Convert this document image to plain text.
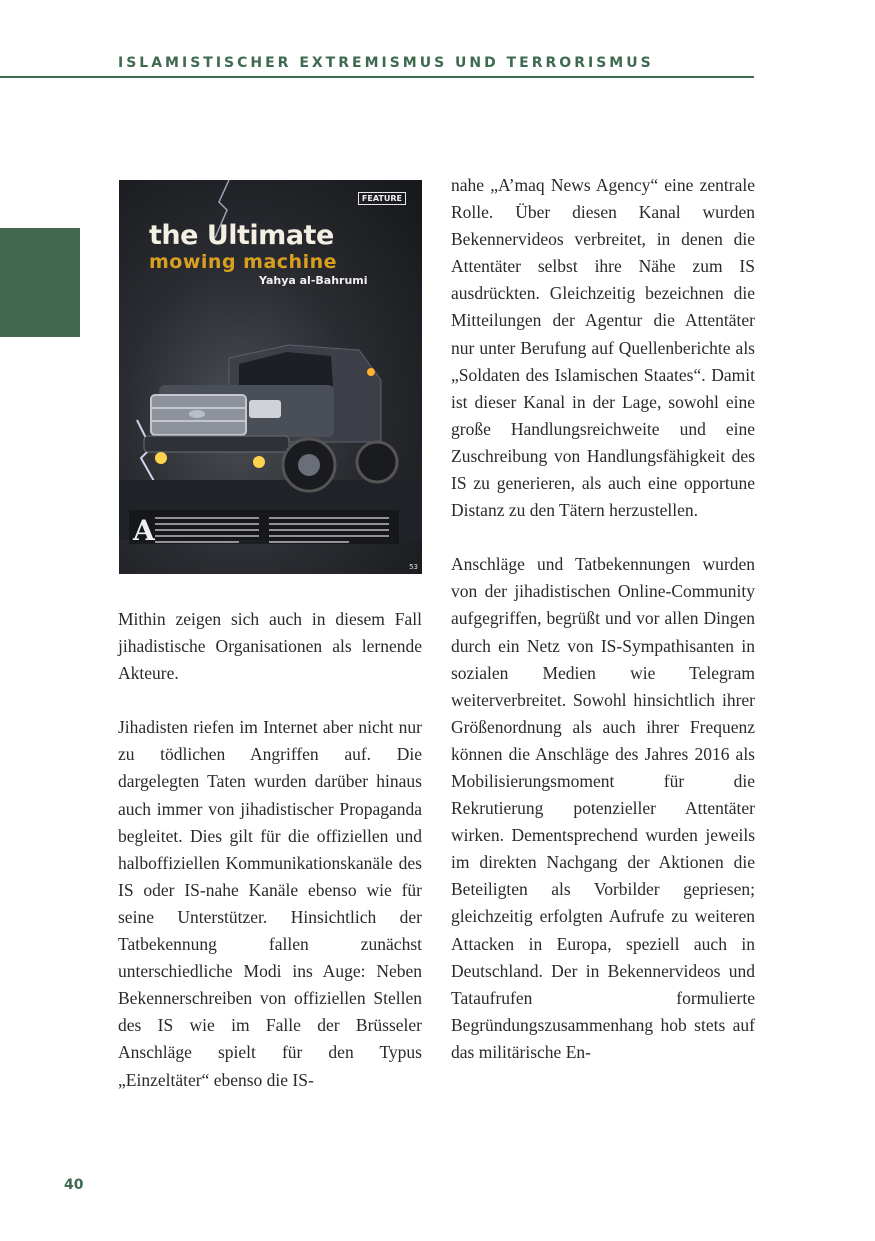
ISLAMISTISCHER EXTREMISMUS UND TERRORISMUS
A
FEATURE
the Ultimate
mowing machine
Yahya al-Bahrumi
53

Mithin zeigen sich auch in diesem Fall jihadistische Organisationen als lernende Akteure.

Jihadisten riefen im Internet aber nicht nur zu tödlichen Angriffen auf. Die dargelegten Taten wurden darüber hinaus auch immer von jihadistischer Propaganda begleitet. Dies gilt für die offiziellen und halboffiziellen Kommunikationskanäle des IS oder IS-nahe Kanäle ebenso wie für seine Unterstützer. Hinsichtlich der Tatbekennung fallen zunächst unterschiedliche Modi ins Auge: Neben Bekennerschreiben von offiziellen Stellen des IS wie im Falle der Brüsseler Anschläge spielt für den Typus „Einzeltäter“ ebenso die IS-

nahe „A’maq News Agency“ eine zentrale Rolle. Über diesen Kanal wurden Bekennervideos verbreitet, in denen die Attentäter selbst ihre Nähe zum IS ausdrückten. Gleichzeitig bezeichnen die Mitteilungen der Agentur die Attentäter nur unter Berufung auf Quellenberichte als „Soldaten des Islamischen Staates“. Damit ist dieser Kanal in der Lage, sowohl eine große Handlungsreichweite und eine Zuschreibung von Handlungsfähigkeit des IS zu generieren, als auch eine opportune Distanz zu den Tätern herzustellen.

Anschläge und Tatbekennungen wurden von der jihadistischen Online-Community aufgegriffen, begrüßt und vor allen Dingen durch ein Netz von IS-Sympathisanten in sozialen Medien wie Telegram weiterverbreitet. Sowohl hinsichtlich ihrer Größenordnung als auch ihrer Frequenz können die Anschläge des Jahres 2016 als Mobilisierungsmoment für die Rekrutierung potenzieller Attentäter wirken. Dementsprechend wurden jeweils im direkten Nachgang der Aktionen die Beteiligten als Vorbilder gepriesen; gleichzeitig erfolgten Aufrufe zu weiteren Attacken in Europa, speziell auch in Deutschland. Der in Bekennervideos und Tataufrufen formulierte Begründungszusammenhang hob stets auf das militärische En-

40
